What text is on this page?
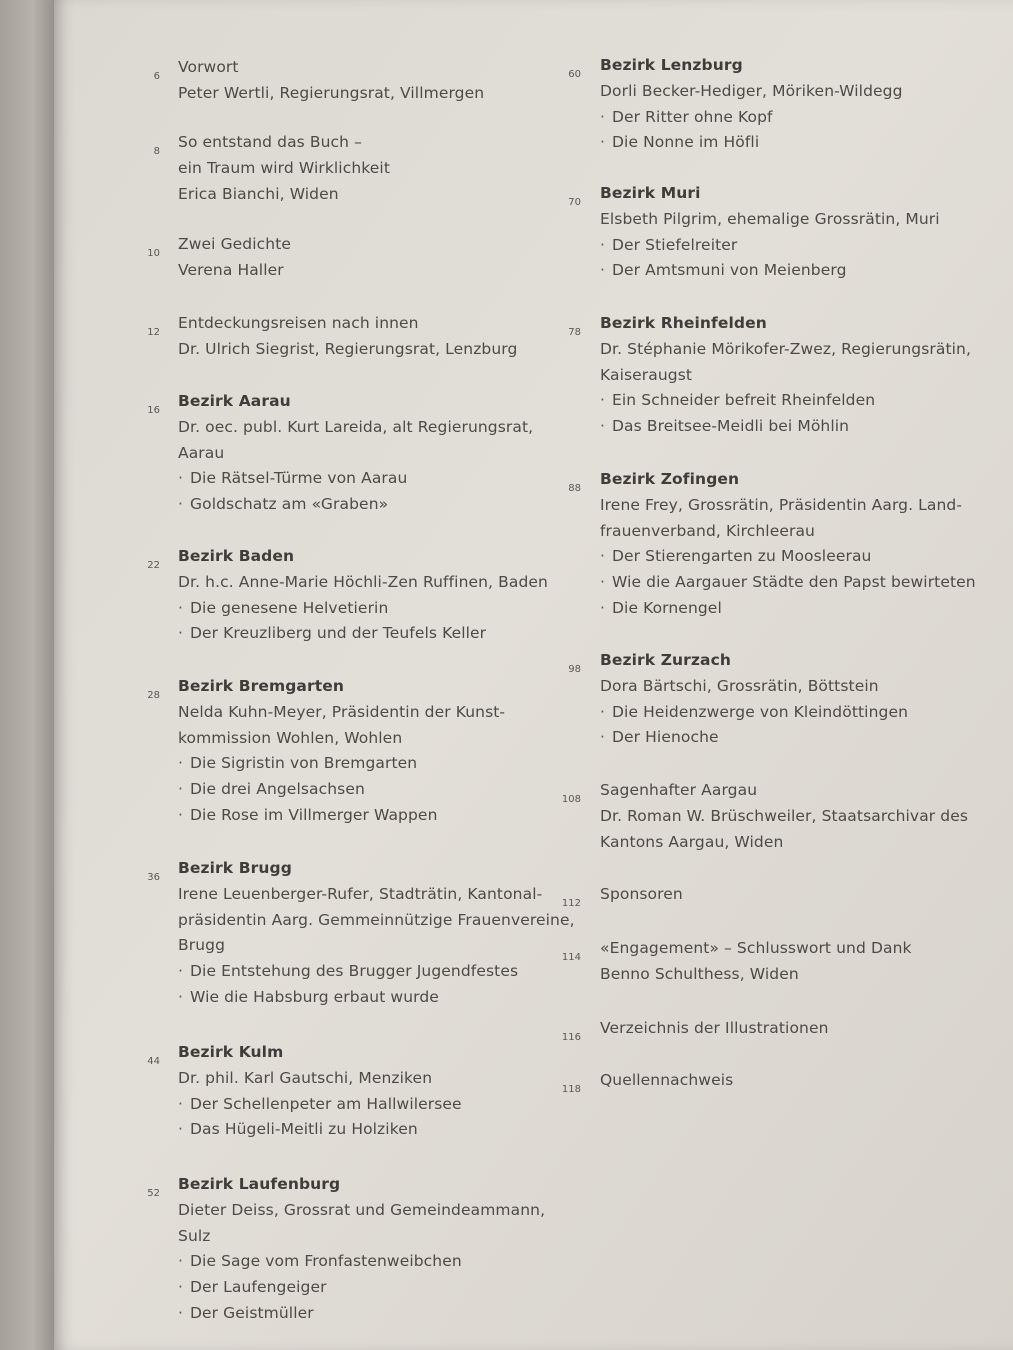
6
Vorwort
Peter Wertli, Regierungsrat, Villmergen
8
So entstand das Buch –
ein Traum wird Wirklichkeit
Erica Bianchi, Widen
10
Zwei Gedichte
Verena Haller
12
Entdeckungsreisen nach innen
Dr. Ulrich Siegrist, Regierungsrat, Lenzburg
16
Bezirk Aarau
Dr. oec. publ. Kurt Lareida, alt Regierungsrat,
Aarau
· Die Rätsel-Türme von Aarau
· Goldschatz am «Graben»
22
Bezirk Baden
Dr. h.c. Anne-Marie Höchli-Zen Ruffinen, Baden
· Die genesene Helvetierin
· Der Kreuzliberg und der Teufels Keller
28
Bezirk Bremgarten
Nelda Kuhn-Meyer, Präsidentin der Kunst-
kommission Wohlen, Wohlen
· Die Sigristin von Bremgarten
· Die drei Angelsachsen
· Die Rose im Villmerger Wappen
36
Bezirk Brugg
Irene Leuenberger-Rufer, Stadträtin, Kantonal-
präsidentin Aarg. Gemmeinnützige Frauenvereine,
Brugg
· Die Entstehung des Brugger Jugendfestes
· Wie die Habsburg erbaut wurde
44
Bezirk Kulm
Dr. phil. Karl Gautschi, Menziken
· Der Schellenpeter am Hallwilersee
· Das Hügeli-Meitli zu Holziken
52
Bezirk Laufenburg
Dieter Deiss, Grossrat und Gemeindeammann,
Sulz
· Die Sage vom Fronfastenweibchen
· Der Laufengeiger
· Der Geistmüller
60
Bezirk Lenzburg
Dorli Becker-Hediger, Möriken-Wildegg
· Der Ritter ohne Kopf
· Die Nonne im Höfli
70
Bezirk Muri
Elsbeth Pilgrim, ehemalige Grossrätin, Muri
· Der Stiefelreiter
· Der Amtsmuni von Meienberg
78
Bezirk Rheinfelden
Dr. Stéphanie Mörikofer-Zwez, Regierungsrätin,
Kaiseraugst
· Ein Schneider befreit Rheinfelden
· Das Breitsee-Meidli bei Möhlin
88
Bezirk Zofingen
Irene Frey, Grossrätin, Präsidentin Aarg. Land-
frauenverband, Kirchleerau
· Der Stierengarten zu Moosleerau
· Wie die Aargauer Städte den Papst bewirteten
· Die Kornengel
98
Bezirk Zurzach
Dora Bärtschi, Grossrätin, Böttstein
· Die Heidenzwerge von Kleindöttingen
· Der Hienoche
108
Sagenhafter Aargau
Dr. Roman W. Brüschweiler, Staatsarchivar des
Kantons Aargau, Widen
112
Sponsoren
114
«Engagement» – Schlusswort und Dank
Benno Schulthess, Widen
116
Verzeichnis der Illustrationen
118
Quellennachweis
